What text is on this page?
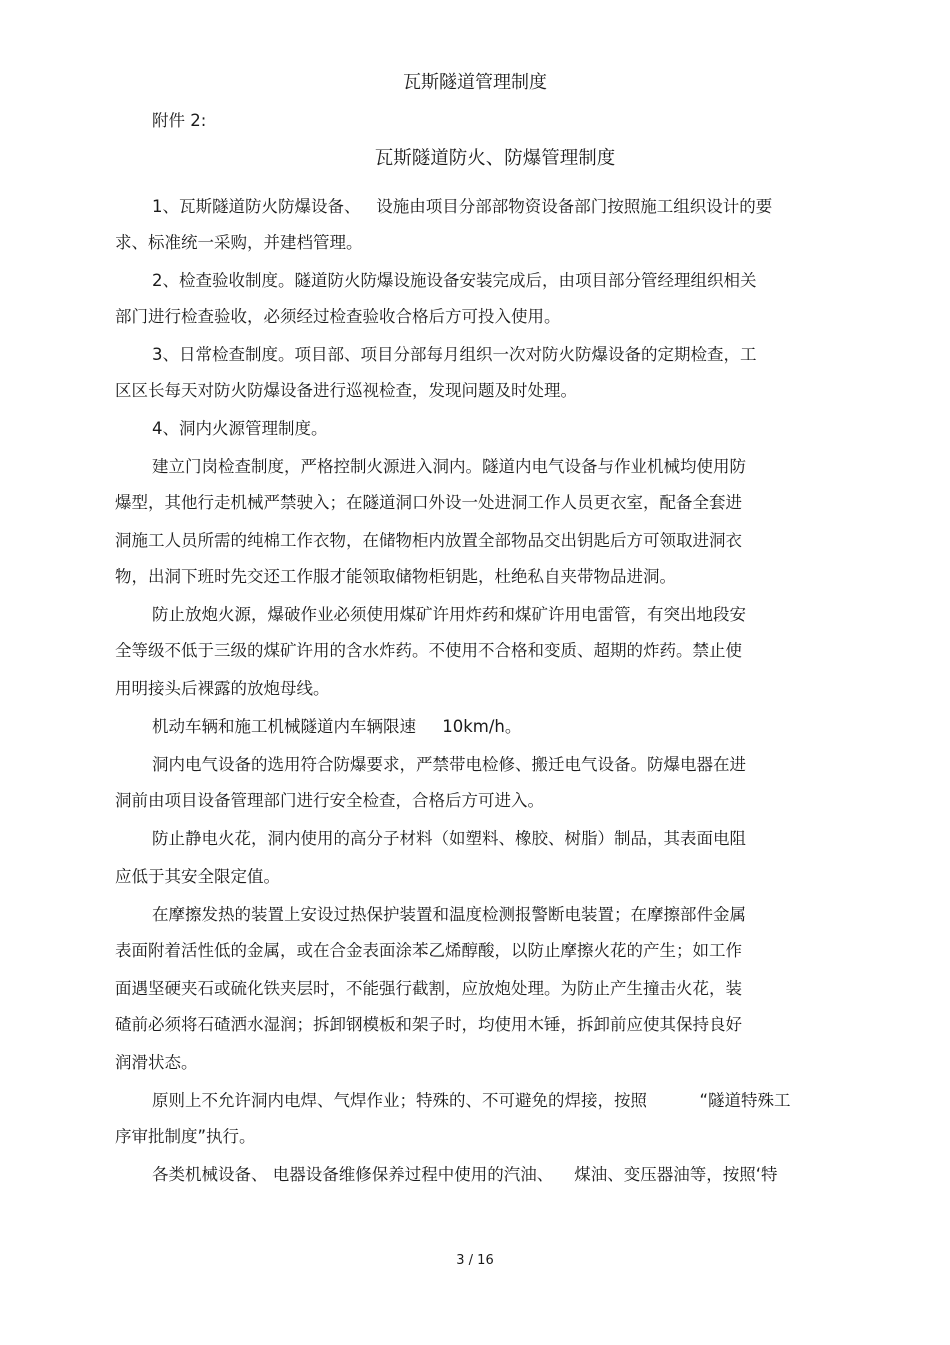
瓦斯隧道管理制度
附件 2:
瓦斯隧道防火、防爆管理制度
1、瓦斯隧道防火防爆设备、   设施由项目分部部物资设备部门按照施工组织设计的要
求、标准统一采购，并建档管理。
2、检查验收制度。隧道防火防爆设施设备安装完成后，由项目部分管经理组织相关
部门进行检查验收，必须经过检查验收合格后方可投入使用。
3、日常检查制度。项目部、项目分部每月组织一次对防火防爆设备的定期检查，工
区区长每天对防火防爆设备进行巡视检查，发现问题及时处理。
4、洞内火源管理制度。
建立门岗检查制度，严格控制火源进入洞内。隧道内电气设备与作业机械均使用防
爆型，其他行走机械严禁驶入；在隧道洞口外设一处进洞工作人员更衣室，配备全套进
洞施工人员所需的纯棉工作衣物，在储物柜内放置全部物品交出钥匙后方可领取进洞衣
物，出洞下班时先交还工作服才能领取储物柜钥匙，杜绝私自夹带物品进洞。
防止放炮火源，爆破作业必须使用煤矿许用炸药和煤矿许用电雷管，有突出地段安
全等级不低于三级的煤矿许用的含水炸药。不使用不合格和变质、超期的炸药。禁止使
用明接头后裸露的放炮母线。
机动车辆和施工机械隧道内车辆限速     10km/h。
洞内电气设备的选用符合防爆要求，严禁带电检修、搬迁电气设备。防爆电器在进
洞前由项目设备管理部门进行安全检查，合格后方可进入。
防止静电火花，洞内使用的高分子材料（如塑料、橡胶、树脂）制品，其表面电阻
应低于其安全限定值。
在摩擦发热的装置上安设过热保护装置和温度检测报警断电装置；在摩擦部件金属
表面附着活性低的金属，或在合金表面涂苯乙烯醇酸，以防止摩擦火花的产生；如工作
面遇坚硬夹石或硫化铁夹层时，不能强行截割，应放炮处理。为防止产生撞击火花，装
碴前必须将石碴洒水湿润；拆卸钢模板和架子时，均使用木锤，拆卸前应使其保持良好
润滑状态。
原则上不允许洞内电焊、气焊作业；特殊的、不可避免的焊接，按照          “隧道特殊工
序审批制度”执行。
各类机械设备、 电器设备维修保养过程中使用的汽油、    煤油、变压器油等，按照‘特
3 / 16
